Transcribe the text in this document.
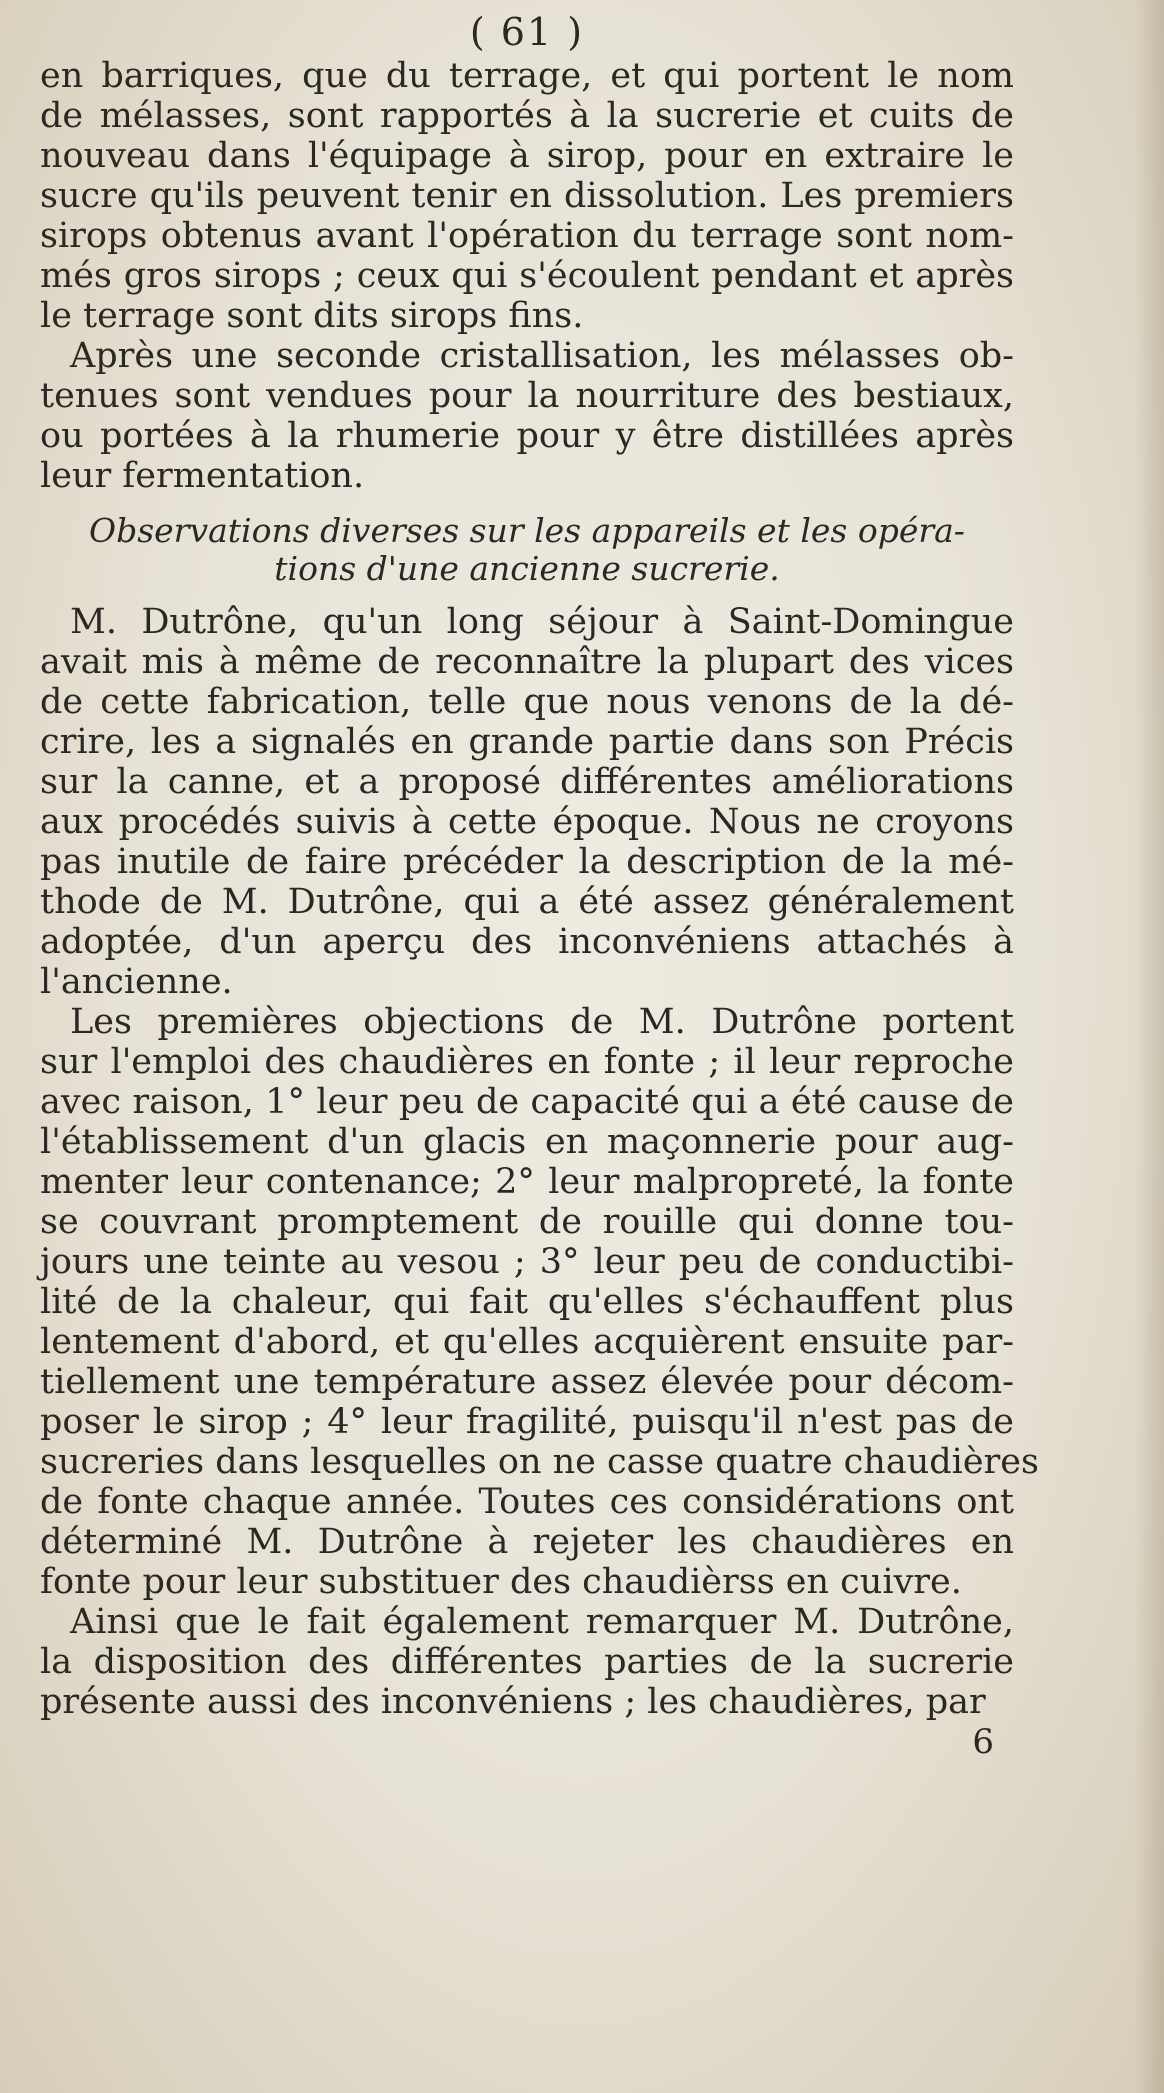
( 61 )
en barriques, que du terrage, et qui portent le nom
de mélasses, sont rapportés à la sucrerie et cuits de
nouveau dans l'équipage à sirop, pour en extraire le
sucre qu'ils peuvent tenir en dissolution. Les premiers
sirops obtenus avant l'opération du terrage sont nom-
més gros sirops ; ceux qui s'écoulent pendant et après
le terrage sont dits sirops fins.
Après une seconde cristallisation, les mélasses ob-
tenues sont vendues pour la nourriture des bestiaux,
ou portées à la rhumerie pour y être distillées après
leur fermentation.
Observations diverses sur les appareils et les opéra-
tions d'une ancienne sucrerie.
M. Dutrône, qu'un long séjour à Saint-Domingue
avait mis à même de reconnaître la plupart des vices
de cette fabrication, telle que nous venons de la dé-
crire, les a signalés en grande partie dans son Précis
sur la canne, et a proposé différentes améliorations
aux procédés suivis à cette époque. Nous ne croyons
pas inutile de faire précéder la description de la mé-
thode de M. Dutrône, qui a été assez généralement
adoptée, d'un aperçu des inconvéniens attachés à
l'ancienne.
Les premières objections de M. Dutrône portent
sur l'emploi des chaudières en fonte ; il leur reproche
avec raison, 1° leur peu de capacité qui a été cause de
l'établissement d'un glacis en maçonnerie pour aug-
menter leur contenance; 2° leur malpropreté, la fonte
se couvrant promptement de rouille qui donne tou-
jours une teinte au vesou ; 3° leur peu de conductibi-
lité de la chaleur, qui fait qu'elles s'échauffent plus
lentement d'abord, et qu'elles acquièrent ensuite par-
tiellement une température assez élevée pour décom-
poser le sirop ; 4° leur fragilité, puisqu'il n'est pas de
sucreries dans lesquelles on ne casse quatre chaudières
de fonte chaque année. Toutes ces considérations ont
déterminé M. Dutrône à rejeter les chaudières en
fonte pour leur substituer des chaudièrss en cuivre.
Ainsi que le fait également remarquer M. Dutrône,
la disposition des différentes parties de la sucrerie
présente aussi des inconvéniens ; les chaudières, par
6
